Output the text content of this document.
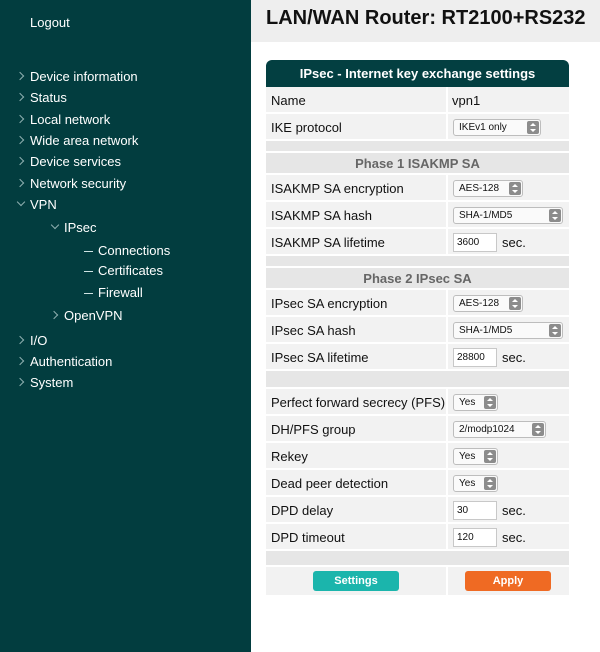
Logout
Device information
Status
Local network
Wide area network
Device services
Network security
VPN
IPsec
Connections
Certificates
Firewall
OpenVPN
I/O
Authentication
System
LAN/WAN Router: RT2100+RS232
IPsec - Internet key exchange settings
Name	vpn1
IKE protocol	IKEv1 only
Phase 1 ISAKMP SA
ISAKMP SA encryption	AES-128
ISAKMP SA hash	SHA-1/MD5
ISAKMP SA lifetime	3600	sec.
Phase 2 IPsec SA
IPsec SA encryption	AES-128
IPsec SA hash	SHA-1/MD5
IPsec SA lifetime	28800	sec.
Perfect forward secrecy (PFS)	Yes
DH/PFS group	2/modp1024
Rekey	Yes
Dead peer detection	Yes
DPD delay	30	sec.
DPD timeout	120	sec.
Settings	Apply
